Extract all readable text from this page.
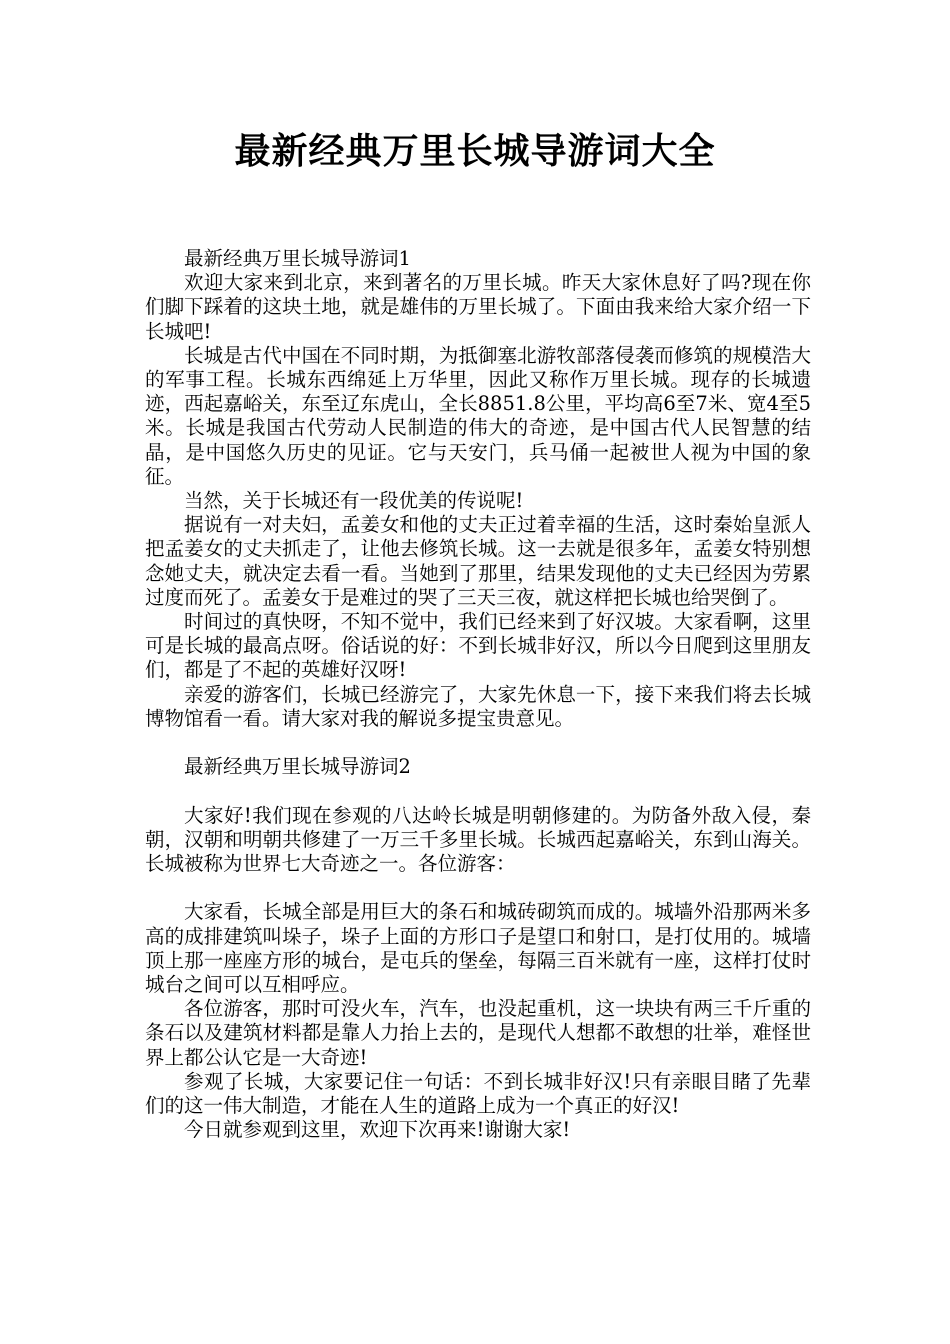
最新经典万里长城导游词大全

最新经典万里长城导游词1

欢迎大家来到北京，来到著名的万里长城。昨天大家休息好了吗?现在你们脚下踩着的这块土地，就是雄伟的万里长城了。下面由我来给大家介绍一下长城吧!

长城是古代中国在不同时期，为抵御塞北游牧部落侵袭而修筑的规模浩大的军事工程。长城东西绵延上万华里，因此又称作万里长城。现存的长城遗迹，西起嘉峪关，东至辽东虎山，全长8851.8公里，平均高6至7米、宽4至5米。长城是我国古代劳动人民制造的伟大的奇迹，是中国古代人民智慧的结晶，是中国悠久历史的见证。它与天安门，兵马俑一起被世人视为中国的象征。

当然，关于长城还有一段优美的传说呢!

据说有一对夫妇，孟姜女和他的丈夫正过着幸福的生活，这时秦始皇派人把孟姜女的丈夫抓走了，让他去修筑长城。这一去就是很多年，孟姜女特别想念她丈夫，就决定去看一看。当她到了那里，结果发现他的丈夫已经因为劳累过度而死了。孟姜女于是难过的哭了三天三夜，就这样把长城也给哭倒了。

时间过的真快呀，不知不觉中，我们已经来到了好汉坡。大家看啊，这里可是长城的最高点呀。俗话说的好：不到长城非好汉，所以今日爬到这里朋友们，都是了不起的英雄好汉呀!

亲爱的游客们，长城已经游完了，大家先休息一下，接下来我们将去长城博物馆看一看。请大家对我的解说多提宝贵意见。

最新经典万里长城导游词2

大家好!我们现在参观的八达岭长城是明朝修建的。为防备外敌入侵，秦朝，汉朝和明朝共修建了一万三千多里长城。长城西起嘉峪关，东到山海关。长城被称为世界七大奇迹之一。各位游客：

大家看，长城全部是用巨大的条石和城砖砌筑而成的。城墙外沿那两米多高的成排建筑叫垛子，垛子上面的方形口子是望口和射口，是打仗用的。城墙顶上那一座座方形的城台，是屯兵的堡垒，每隔三百米就有一座，这样打仗时城台之间可以互相呼应。

各位游客，那时可没火车，汽车，也没起重机，这一块块有两三千斤重的条石以及建筑材料都是靠人力抬上去的，是现代人想都不敢想的壮举，难怪世界上都公认它是一大奇迹!

参观了长城，大家要记住一句话：不到长城非好汉!只有亲眼目睹了先辈们的这一伟大制造，才能在人生的道路上成为一个真正的好汉!

今日就参观到这里，欢迎下次再来!谢谢大家!
